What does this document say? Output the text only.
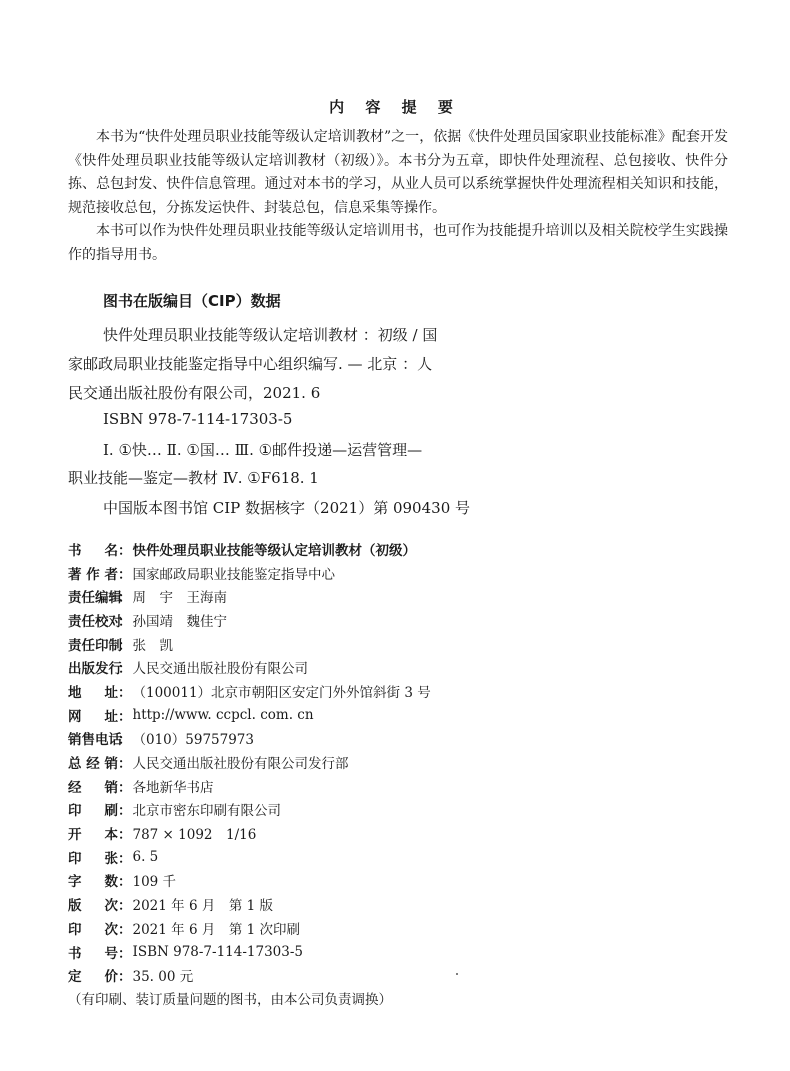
内 容 提 要

本书为“快件处理员职业技能等级认定培训教材”之一，依据《快件处理员国家职业技能标准》配套开发《快件处理员职业技能等级认定培训教材（初级）》。本书分为五章，即快件处理流程、总包接收、快件分拣、总包封发、快件信息管理。通过对本书的学习，从业人员可以系统掌握快件处理流程相关知识和技能，规范接收总包，分拣发运快件、封装总包，信息采集等操作。

本书可以作为快件处理员职业技能等级认定培训用书，也可作为技能提升培训以及相关院校学生实践操作的指导用书。

图书在版编目（CIP）数据
快件处理员职业技能等级认定培训教材 ：初级 / 国
家邮政局职业技能鉴定指导中心组织编写. — 北京 ：人
民交通出版社股份有限公司，2021. 6
ISBN 978-7-114-17303-5
Ⅰ. ①快… Ⅱ. ①国… Ⅲ. ①邮件投递—运营管理—
职业技能—鉴定—教材 Ⅳ. ①F618. 1
中国版本图书馆 CIP 数据核字（2021）第 090430 号
书名 ： 快件处理员职业技能等级认定培训教材（初级）
著作者 ： 国家邮政局职业技能鉴定指导中心
责任编辑
： 周　宇　王海南
责任校对
： 孙国靖　魏佳宁
责任印制
： 张　凯
出版发行
： 人民交通出版社股份有限公司
地址 ： （100011）北京市朝阳区安定门外外馆斜街 3 号
网址 ： http://www. ccpcl. com. cn
销售电话
： （010）59757973
总经销 ： 人民交通出版社股份有限公司发行部
经销 ： 各地新华书店
印刷 ： 北京市密东印刷有限公司
开本 ： 787 × 1092　1/16
印张 ： 6. 5
字数 ： 109 千
版次 ： 2021 年 6 月　第 1 版
印次 ： 2021 年 6 月　第 1 次印刷
书号 ： ISBN 978-7-114-17303-5
定价 ： 35. 00 元
（有印刷、装订质量问题的图书，由本公司负责调换）
